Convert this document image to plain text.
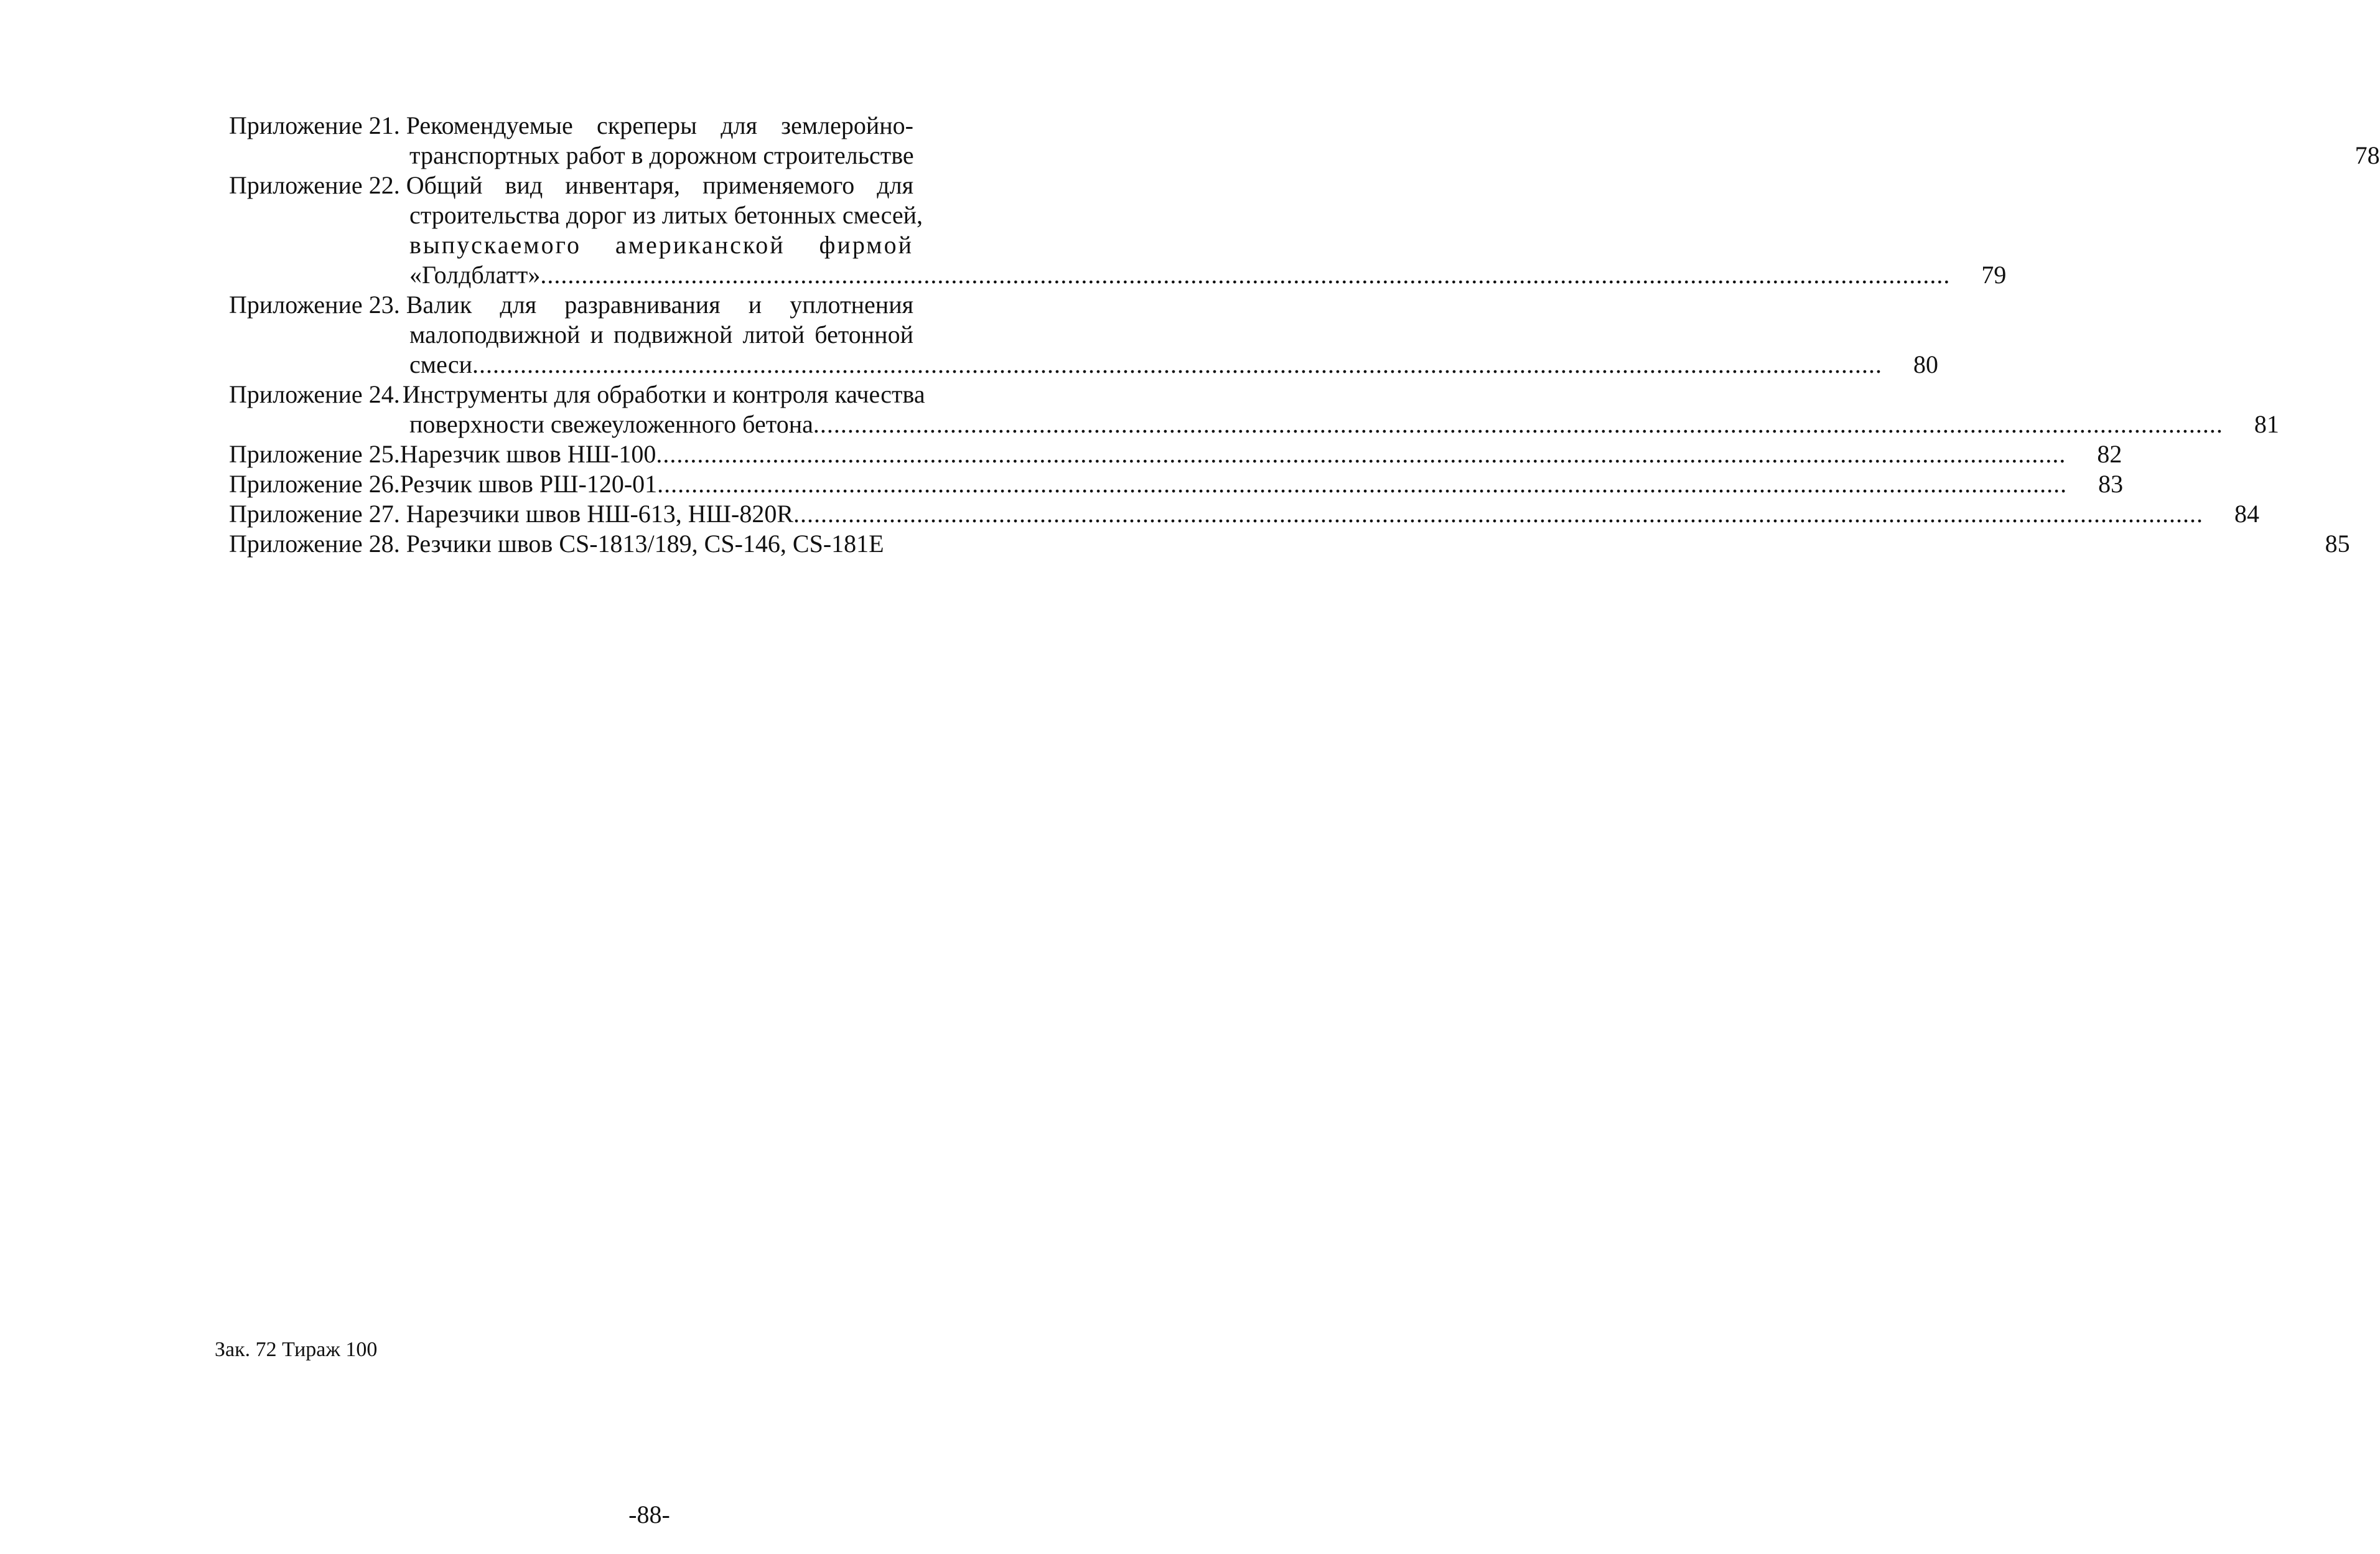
Приложение 21. Рекомендуемые скреперы для землеройно-
транспортных работ в дорожном строительстве	78
Приложение 22. Общий вид инвентаря, применяемого для
строительства дорог из литых бетонных смесей,
выпускаемого американской фирмой
«Голдблатт» .....	79
Приложение 23. Валик для разравнивания и уплотнения
малоподвижной и подвижной литой бетонной
смеси .....	80
Приложение 24. Инструменты для обработки и контроля качества
поверхности свежеуложенного бетона .....	81
Приложение 25. Нарезчик швов НШ-100 .....	82
Приложение 26. Резчик швов РШ-120-01 .....	83
Приложение 27. Нарезчики швов НШ-613, НШ-820R .....	84
Приложение 28. Резчики швов CS-1813/189, CS-146, CS-181E	85
Зак. 72 Тираж 100
-88-
